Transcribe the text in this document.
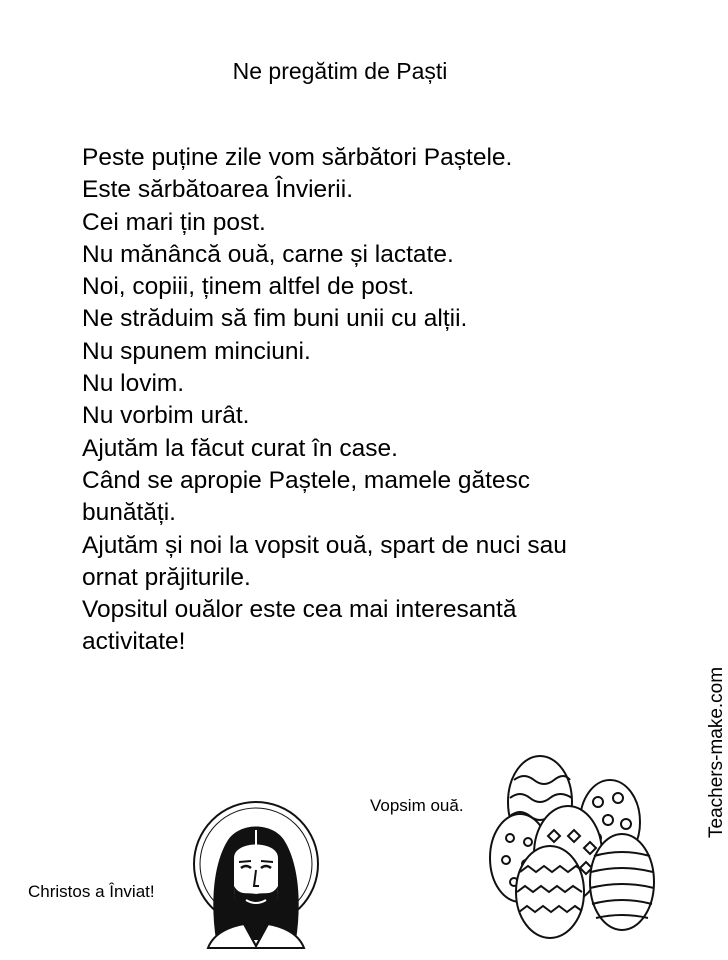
Ne pregătim de Paști
Peste puține zile vom sărbători Paștele.
Este sărbătoarea Învierii.
Cei mari țin post.
Nu mănâncă ouă, carne și lactate.
Noi, copiii, ținem altfel de post.
Ne străduim să fim buni unii cu alții.
Nu spunem minciuni.
Nu lovim.
Nu vorbim urât.
Ajutăm la făcut curat în case.
Când se apropie Paștele, mamele gătesc
bunătăți.
Ajutăm și noi la vopsit ouă, spart de nuci sau
ornat prăjiturile.
Vopsitul ouălor este cea mai interesantă
activitate!
Teachers-make.com
Vopsim ouă.
Christos a Înviat!
